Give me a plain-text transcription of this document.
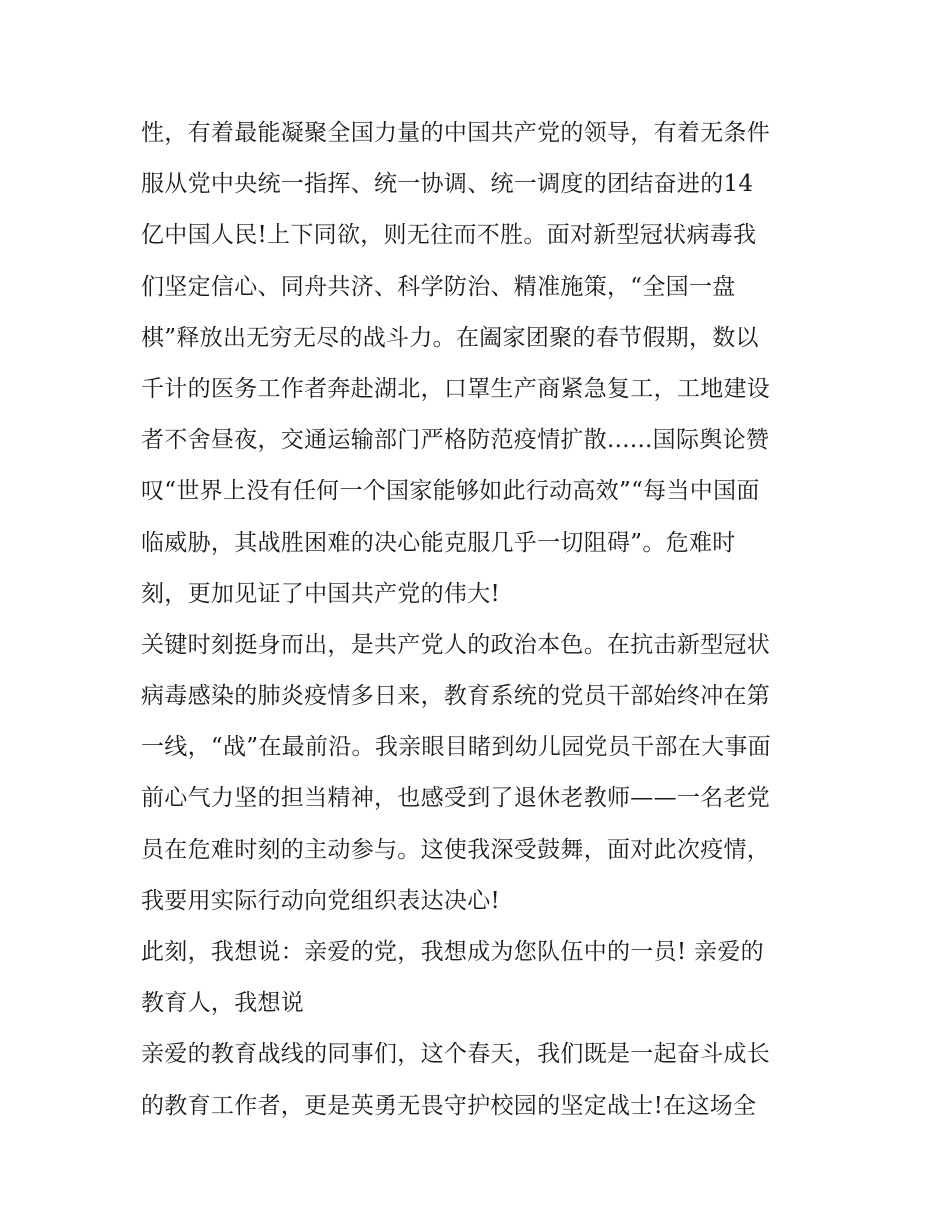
性，有着最能凝聚全国力量的中国共产党的领导，有着无条件
服从党中央统一指挥、统一协调、统一调度的团结奋进的14
亿中国人民!上下同欲，则无往而不胜。面对新型冠状病毒我
们坚定信心、同舟共济、科学防治、精准施策，“全国一盘
棋”释放出无穷无尽的战斗力。在阖家团聚的春节假期，数以
千计的医务工作者奔赴湖北，口罩生产商紧急复工，工地建设
者不舍昼夜，交通运输部门严格防范疫情扩散......国际舆论赞
叹“世界上没有任何一个国家能够如此行动高效”“每当中国面
临威胁，其战胜困难的决心能克服几乎一切阻碍”。危难时
刻，更加见证了中国共产党的伟大!
关键时刻挺身而出，是共产党人的政治本色。在抗击新型冠状
病毒感染的肺炎疫情多日来，教育系统的党员干部始终冲在第
一线，“战”在最前沿。我亲眼目睹到幼儿园党员干部在大事面
前心气力坚的担当精神，也感受到了退休老教师——一名老党
员在危难时刻的主动参与。这使我深受鼓舞，面对此次疫情，
我要用实际行动向党组织表达决心!
此刻，我想说：亲爱的党，我想成为您队伍中的一员! 亲爱的
教育人，我想说
亲爱的教育战线的同事们，这个春天，我们既是一起奋斗成长
的教育工作者，更是英勇无畏守护校园的坚定战士!在这场全
